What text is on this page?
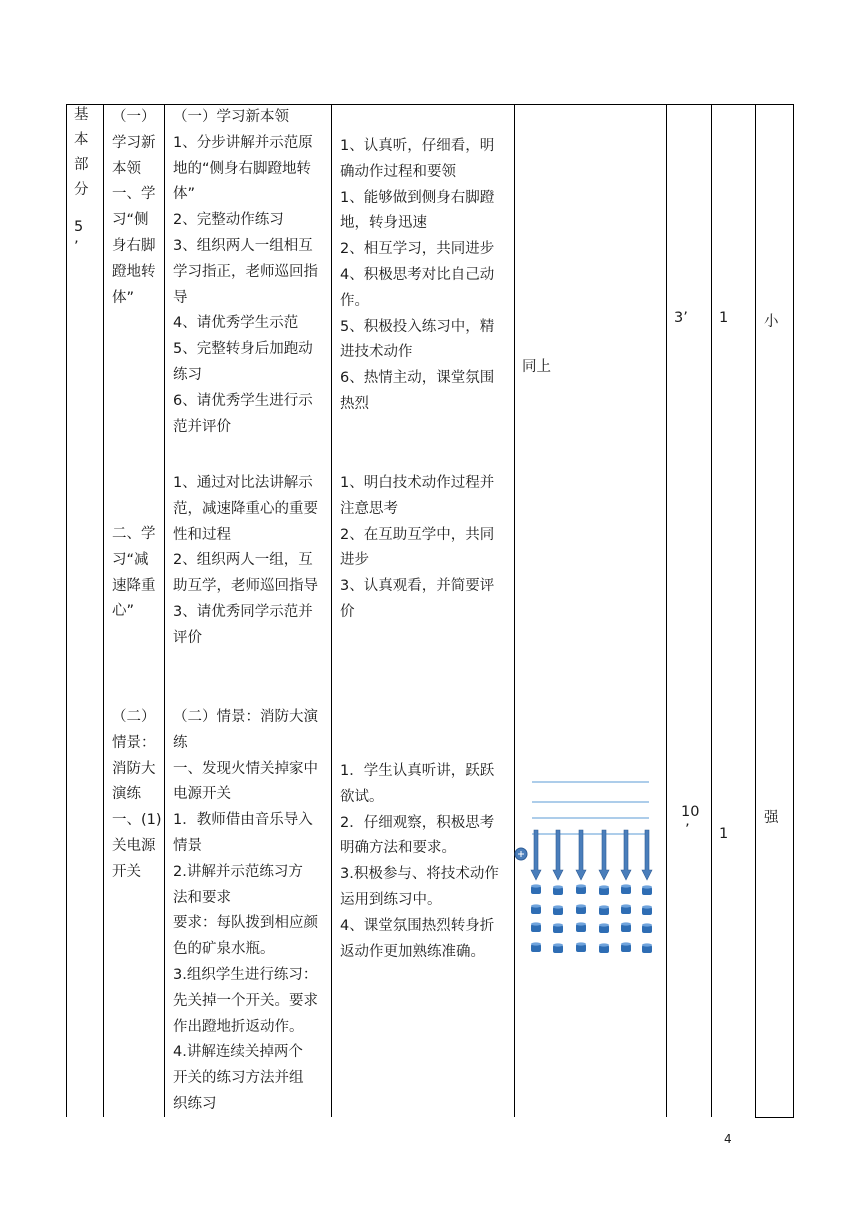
基
本
部
分
5
’
（一）
学习新
本领
一、学
习“侧
身右脚
蹬地转
体”
二、学
习“减
速降重
心”
（二）
情景：
消防大
演练
一、(1)
关电源
开关
（一）学习新本领
1、分步讲解并示范原
地的“侧身右脚蹬地转
体”
2、完整动作练习
3、组织两人一组相互
学习指正，老师巡回指
导
4、请优秀学生示范
5、完整转身后加跑动
练习
6、请优秀学生进行示
范并评价
1、通过对比法讲解示
范，减速降重心的重要
性和过程
2、组织两人一组，互
助互学，老师巡回指导
3、请优秀同学示范并
评价
（二）情景：消防大演
练
一、发现火情关掉家中
电源开关
1．教师借由音乐导入
情景
2.讲解并示范练习方
法和要求
要求：每队拨到相应颜
色的矿泉水瓶。
3.组织学生进行练习：
先关掉一个开关。要求
作出蹬地折返动作。
4.讲解连续关掉两个
开关的练习方法并组
织练习
1、认真听，仔细看，明
确动作过程和要领
1、能够做到侧身右脚蹬
地，转身迅速
2、相互学习，共同进步
4、积极思考对比自己动
作。
5、积极投入练习中，精
进技术动作
6、热情主动，课堂氛围
热烈
1、明白技术动作过程并
注意思考
2、在互助互学中，共同
进步
3、认真观看，并简要评
价
1．学生认真听讲，跃跃
欲试。
2．仔细观察，积极思考
明确方法和要求。
3.积极参与、将技术动作
运用到练习中。
4、课堂氛围热烈转身折
返动作更加熟练准确。
同上
3’
10
’
1
1
小
强
4
